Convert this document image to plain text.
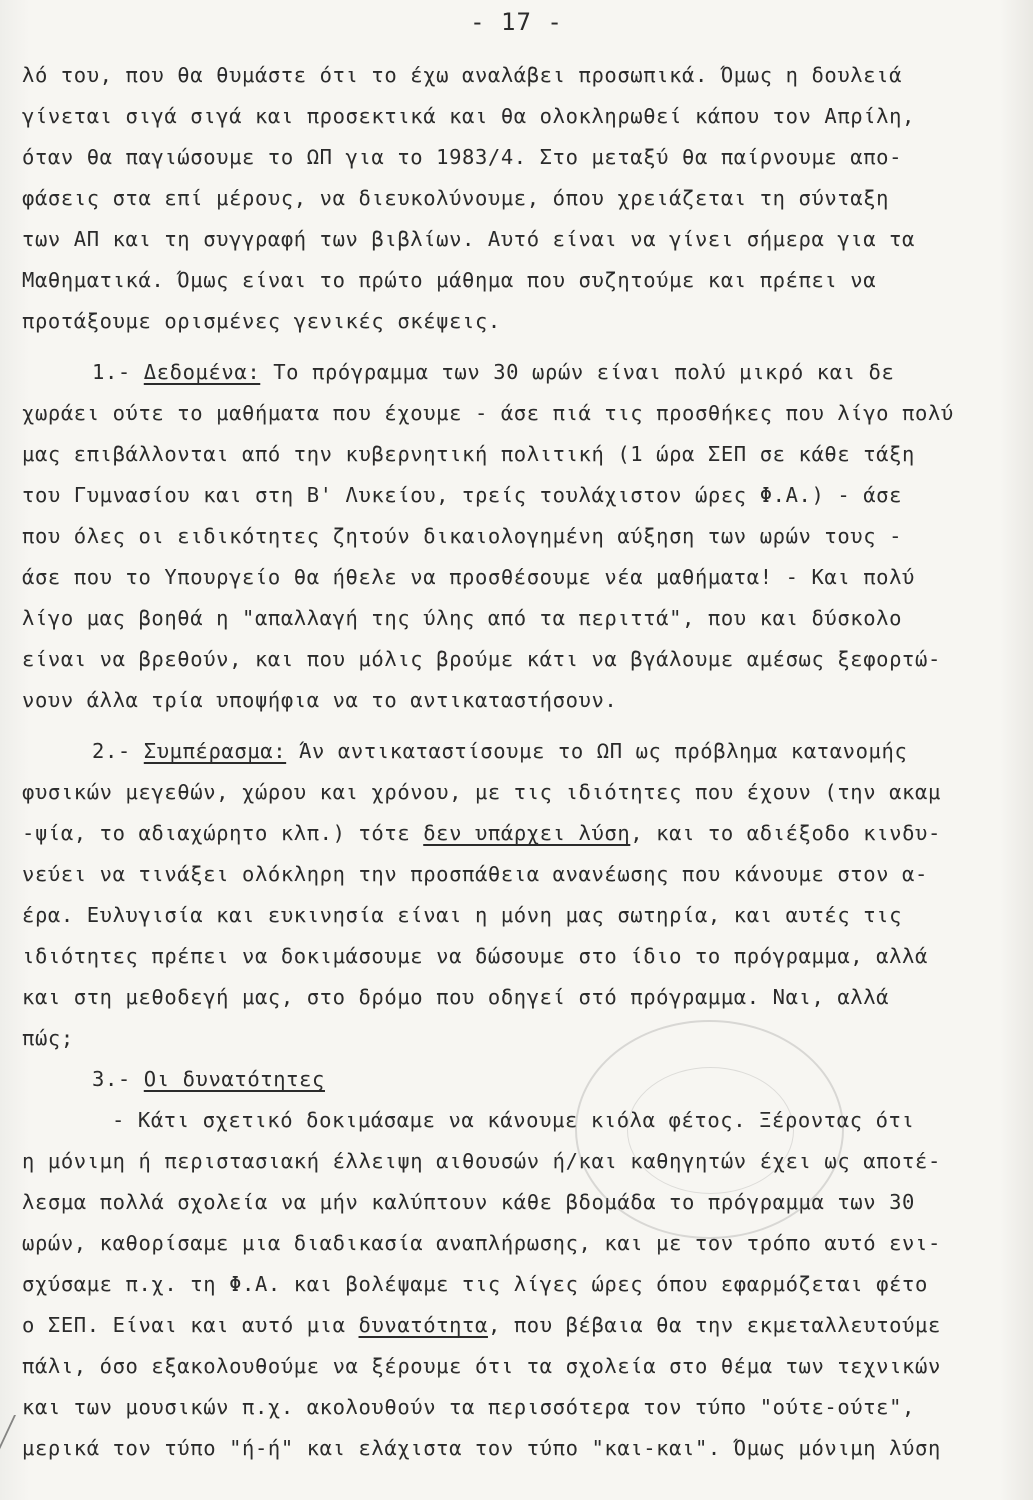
- 17 -
λό του, που θα θυμάστε ότι το έχω αναλάβει προσωπικά. Όμως η δουλειά
γίνεται σιγά σιγά και προσεκτικά και θα ολοκληρωθεί κάπου τον Απρίλη,
όταν θα παγιώσουμε το ΩΠ για το 1983/4. Στο μεταξύ θα παίρνουμε απο-
φάσεις στα επί μέρους, να διευκολύνουμε, όπου χρειάζεται τη σύνταξη
των ΑΠ και τη συγγραφή των βιβλίων. Αυτό είναι να γίνει σήμερα για τα
Μαθηματικά. Όμως είναι το πρώτο μάθημα που συζητούμε και πρέπει να
προτάξουμε ορισμένες γενικές σκέψεις.
1.- Δεδομένα: Το πρόγραμμα των 30 ωρών είναι πολύ μικρό και δε
χωράει ούτε το μαθήματα που έχουμε - άσε πιά τις προσθήκες που λίγο πολύ
μας επιβάλλονται από την κυβερνητική πολιτική (1 ώρα ΣΕΠ σε κάθε τάξη
του Γυμνασίου και στη Β' Λυκείου, τρείς τουλάχιστον ώρες Φ.Α.) - άσε
που όλες οι ειδικότητες ζητούν δικαιολογημένη αύξηση των ωρών τους -
άσε που το Υπουργείο θα ήθελε να προσθέσουμε νέα μαθήματα! - Και πολύ
λίγο μας βοηθά η "απαλλαγή της ύλης από τα περιττά", που και δύσκολο
είναι να βρεθούν, και που μόλις βρούμε κάτι να βγάλουμε αμέσως ξεφορτώ-
νουν άλλα τρία υποψήφια να το αντικαταστήσουν.
2.- Συμπέρασμα: Άν αντικαταστίσουμε το ΩΠ ως πρόβλημα κατανομής
φυσικών μεγεθών, χώρου και χρόνου, με τις ιδιότητες που έχουν (την ακαμ
-ψία, το αδιαχώρητο κλπ.) τότε δεν υπάρχει λύση, και το αδιέξοδο κινδυ-
νεύει να τινάξει ολόκληρη την προσπάθεια ανανέωσης που κάνουμε στον α-
έρα. Ευλυγισία και ευκινησία είναι η μόνη μας σωτηρία, και αυτές τις
ιδιότητες πρέπει να δοκιμάσουμε να δώσουμε στο ίδιο το πρόγραμμα, αλλά
και στη μεθοδεγή μας, στο δρόμο που οδηγεί στό πρόγραμμα. Ναι, αλλά
πώς;
3.- Οι δυνατότητες
- Κάτι σχετικό δοκιμάσαμε να κάνουμε κιόλα φέτος. Ξέροντας ότι
η μόνιμη ή περιστασιακή έλλειψη αιθουσών ή/και καθηγητών έχει ως αποτέ-
λεσμα πολλά σχολεία να μήν καλύπτουν κάθε βδομάδα το πρόγραμμα των 30
ωρών, καθορίσαμε μια διαδικασία αναπλήρωσης, και με τον τρόπο αυτό ενι-
σχύσαμε π.χ. τη Φ.Α. και βολέψαμε τις λίγες ώρες όπου εφαρμόζεται φέτο
ο ΣΕΠ. Είναι και αυτό μια δυνατότητα, που βέβαια θα την εκμεταλλευτούμε
πάλι, όσο εξακολουθούμε να ξέρουμε ότι τα σχολεία στο θέμα των τεχνικών
και των μουσικών π.χ. ακολουθούν τα περισσότερα τον τύπο "ούτε-ούτε",
μερικά τον τύπο "ή-ή" και ελάχιστα τον τύπο "και-και". Όμως μόνιμη λύση
